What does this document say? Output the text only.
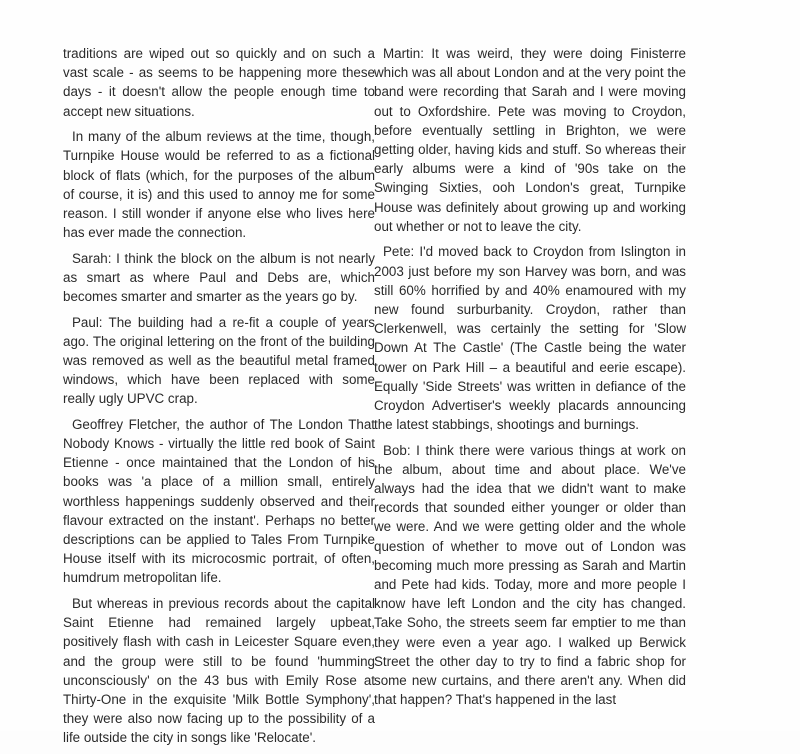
traditions are wiped out so quickly and on such a vast scale - as seems to be happening more these days - it doesn't allow the people enough time to accept new situations.

In many of the album reviews at the time, though, Turnpike House would be referred to as a fictional block of flats (which, for the purposes of the album of course, it is) and this used to annoy me for some reason. I still wonder if anyone else who lives here has ever made the connection.

Sarah: I think the block on the album is not nearly as smart as where Paul and Debs are, which becomes smarter and smarter as the years go by.

Paul: The building had a re-fit a couple of years ago. The original lettering on the front of the building was removed as well as the beautiful metal framed windows, which have been replaced with some really ugly UPVC crap.

Geoffrey Fletcher, the author of The London That Nobody Knows - virtually the little red book of Saint Etienne - once maintained that the London of his books was 'a place of a million small, entirely worthless happenings suddenly observed and their flavour extracted on the instant'. Perhaps no better descriptions can be applied to Tales From Turnpike House itself with its microcosmic portrait, of often, humdrum metropolitan life.

But whereas in previous records about the capital Saint Etienne had remained largely upbeat, positively flash with cash in Leicester Square even, and the group were still to be found 'humming unconsciously' on the 43 bus with Emily Rose at Thirty-One in the exquisite 'Milk Bottle Symphony', they were also now facing up to the possibility of a life outside the city in songs like 'Relocate'.

Martin: It was weird, they were doing Finisterre which was all about London and at the very point the band were recording that Sarah and I were moving out to Oxfordshire. Pete was moving to Croydon, before eventually settling in Brighton, we were getting older, having kids and stuff. So whereas their early albums were a kind of '90s take on the Swinging Sixties, ooh London's great, Turnpike House was definitely about growing up and working out whether or not to leave the city.

Pete: I'd moved back to Croydon from Islington in 2003 just before my son Harvey was born, and was still 60% horrified by and 40% enamoured with my new found surburbanity. Croydon, rather than Clerkenwell, was certainly the setting for 'Slow Down At The Castle' (The Castle being the water tower on Park Hill – a beautiful and eerie escape). Equally 'Side Streets' was written in defiance of the Croydon Advertiser's weekly placards announcing the latest stabbings, shootings and burnings.

Bob: I think there were various things at work on the album, about time and about place. We've always had the idea that we didn't want to make records that sounded either younger or older than we were. And we were getting older and the whole question of whether to move out of London was becoming much more pressing as Sarah and Martin and Pete had kids. Today, more and more people I know have left London and the city has changed. Take Soho, the streets seem far emptier to me than they were even a year ago. I walked up Berwick Street the other day to try to find a fabric shop for some new curtains, and there aren't any. When did that happen? That's happened in the last
